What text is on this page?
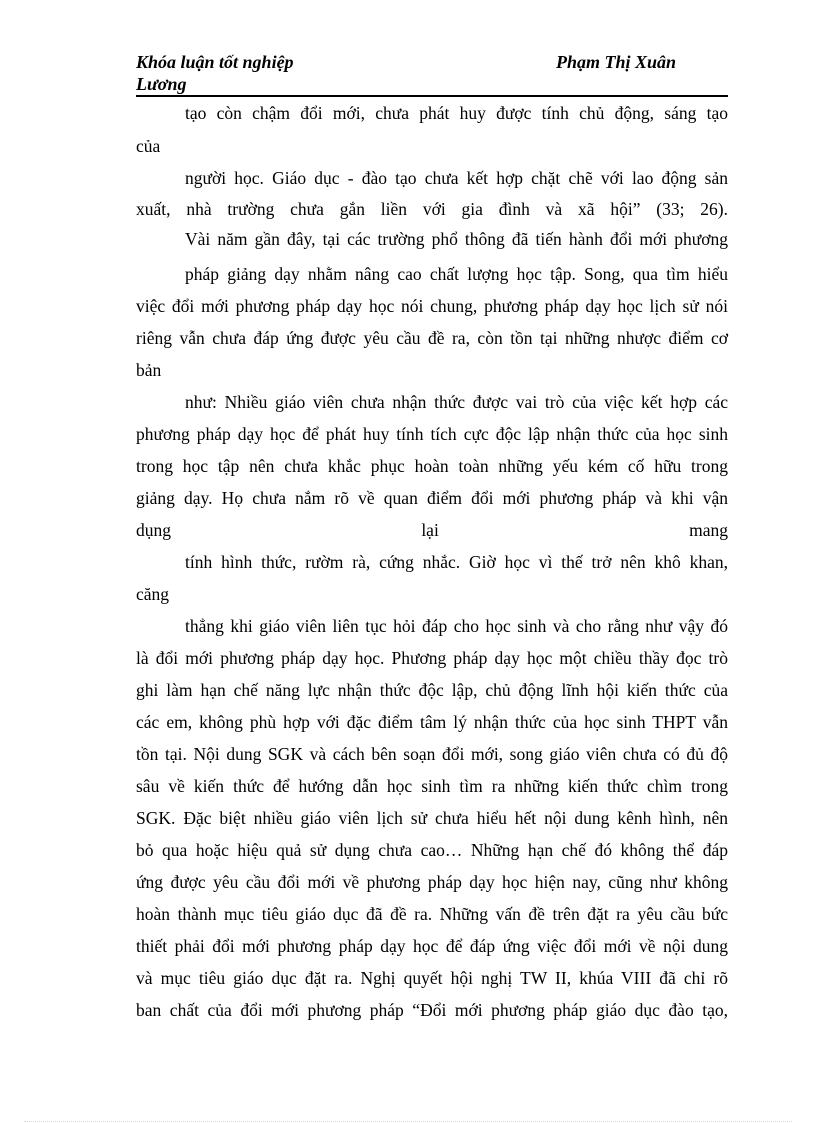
Khóa luận tốt nghiệp	Phạm Thị Xuân
Lương
tạo còn chậm đổi mới, chưa phát huy được tính chủ động, sáng tạo
của
người học. Giáo dục - đào tạo chưa kết hợp chặt chẽ với lao động sản
xuất, nhà trường chưa gắn liền với gia đình và xã hội” (33; 26).
Vài năm gần đây, tại các trường phổ thông đã tiến hành đổi mới phương
pháp giảng dạy nhằm nâng cao chất lượng học tập. Song, qua tìm hiểu
việc đổi mới phương pháp dạy học nói chung, phương pháp dạy học lịch sử nói
riêng vẫn chưa đáp ứng được yêu cầu đề ra, còn tồn tại những nhược điểm cơ
bản
như: Nhiều giáo viên chưa nhận thức được vai trò của việc kết hợp các
phương pháp dạy học để phát huy tính tích cực độc lập nhận thức của học sinh
trong học tập nên chưa khắc phục hoàn toàn những yếu kém cố hữu trong
giảng dạy. Họ chưa nắm rõ về quan điểm đổi mới phương pháp và khi vận
dụng lại mang
tính hình thức, rườm rà, cứng nhắc. Giờ học vì thế trở nên khô khan,
căng
thẳng khi giáo viên liên tục hỏi đáp cho học sinh và cho rằng như vậy đó
là đổi mới phương pháp dạy học. Phương pháp dạy học một chiều thầy đọc trò
ghi làm hạn chế năng lực nhận thức độc lập, chủ động lĩnh hội kiến thức của
các em, không phù hợp với đặc điểm tâm lý nhận thức của học sinh THPT vẫn
tồn tại. Nội dung SGK và cách bên soạn đổi mới, song giáo viên chưa có đủ độ
sâu về kiến thức để hướng dẫn học sinh tìm ra những kiến thức chìm trong
SGK. Đặc biệt nhiều giáo viên lịch sử chưa hiểu hết nội dung kênh hình, nên
bỏ qua hoặc hiệu quả sử dụng chưa cao… Những hạn chế đó không thể đáp
ứng được yêu cầu đổi mới về phương pháp dạy học hiện nay, cũng như không
hoàn thành mục tiêu giáo dục đã đề ra. Những vấn đề trên đặt ra yêu cầu bức
thiết phải đổi mới phương pháp dạy học để đáp ứng việc đổi mới về nội dung
và mục tiêu giáo dục đặt ra. Nghị quyết hội nghị TW II, khúa VIII đã chỉ rõ
ban chất của đổi mới phương pháp “Đổi mới phương pháp giáo dục đào tạo,
